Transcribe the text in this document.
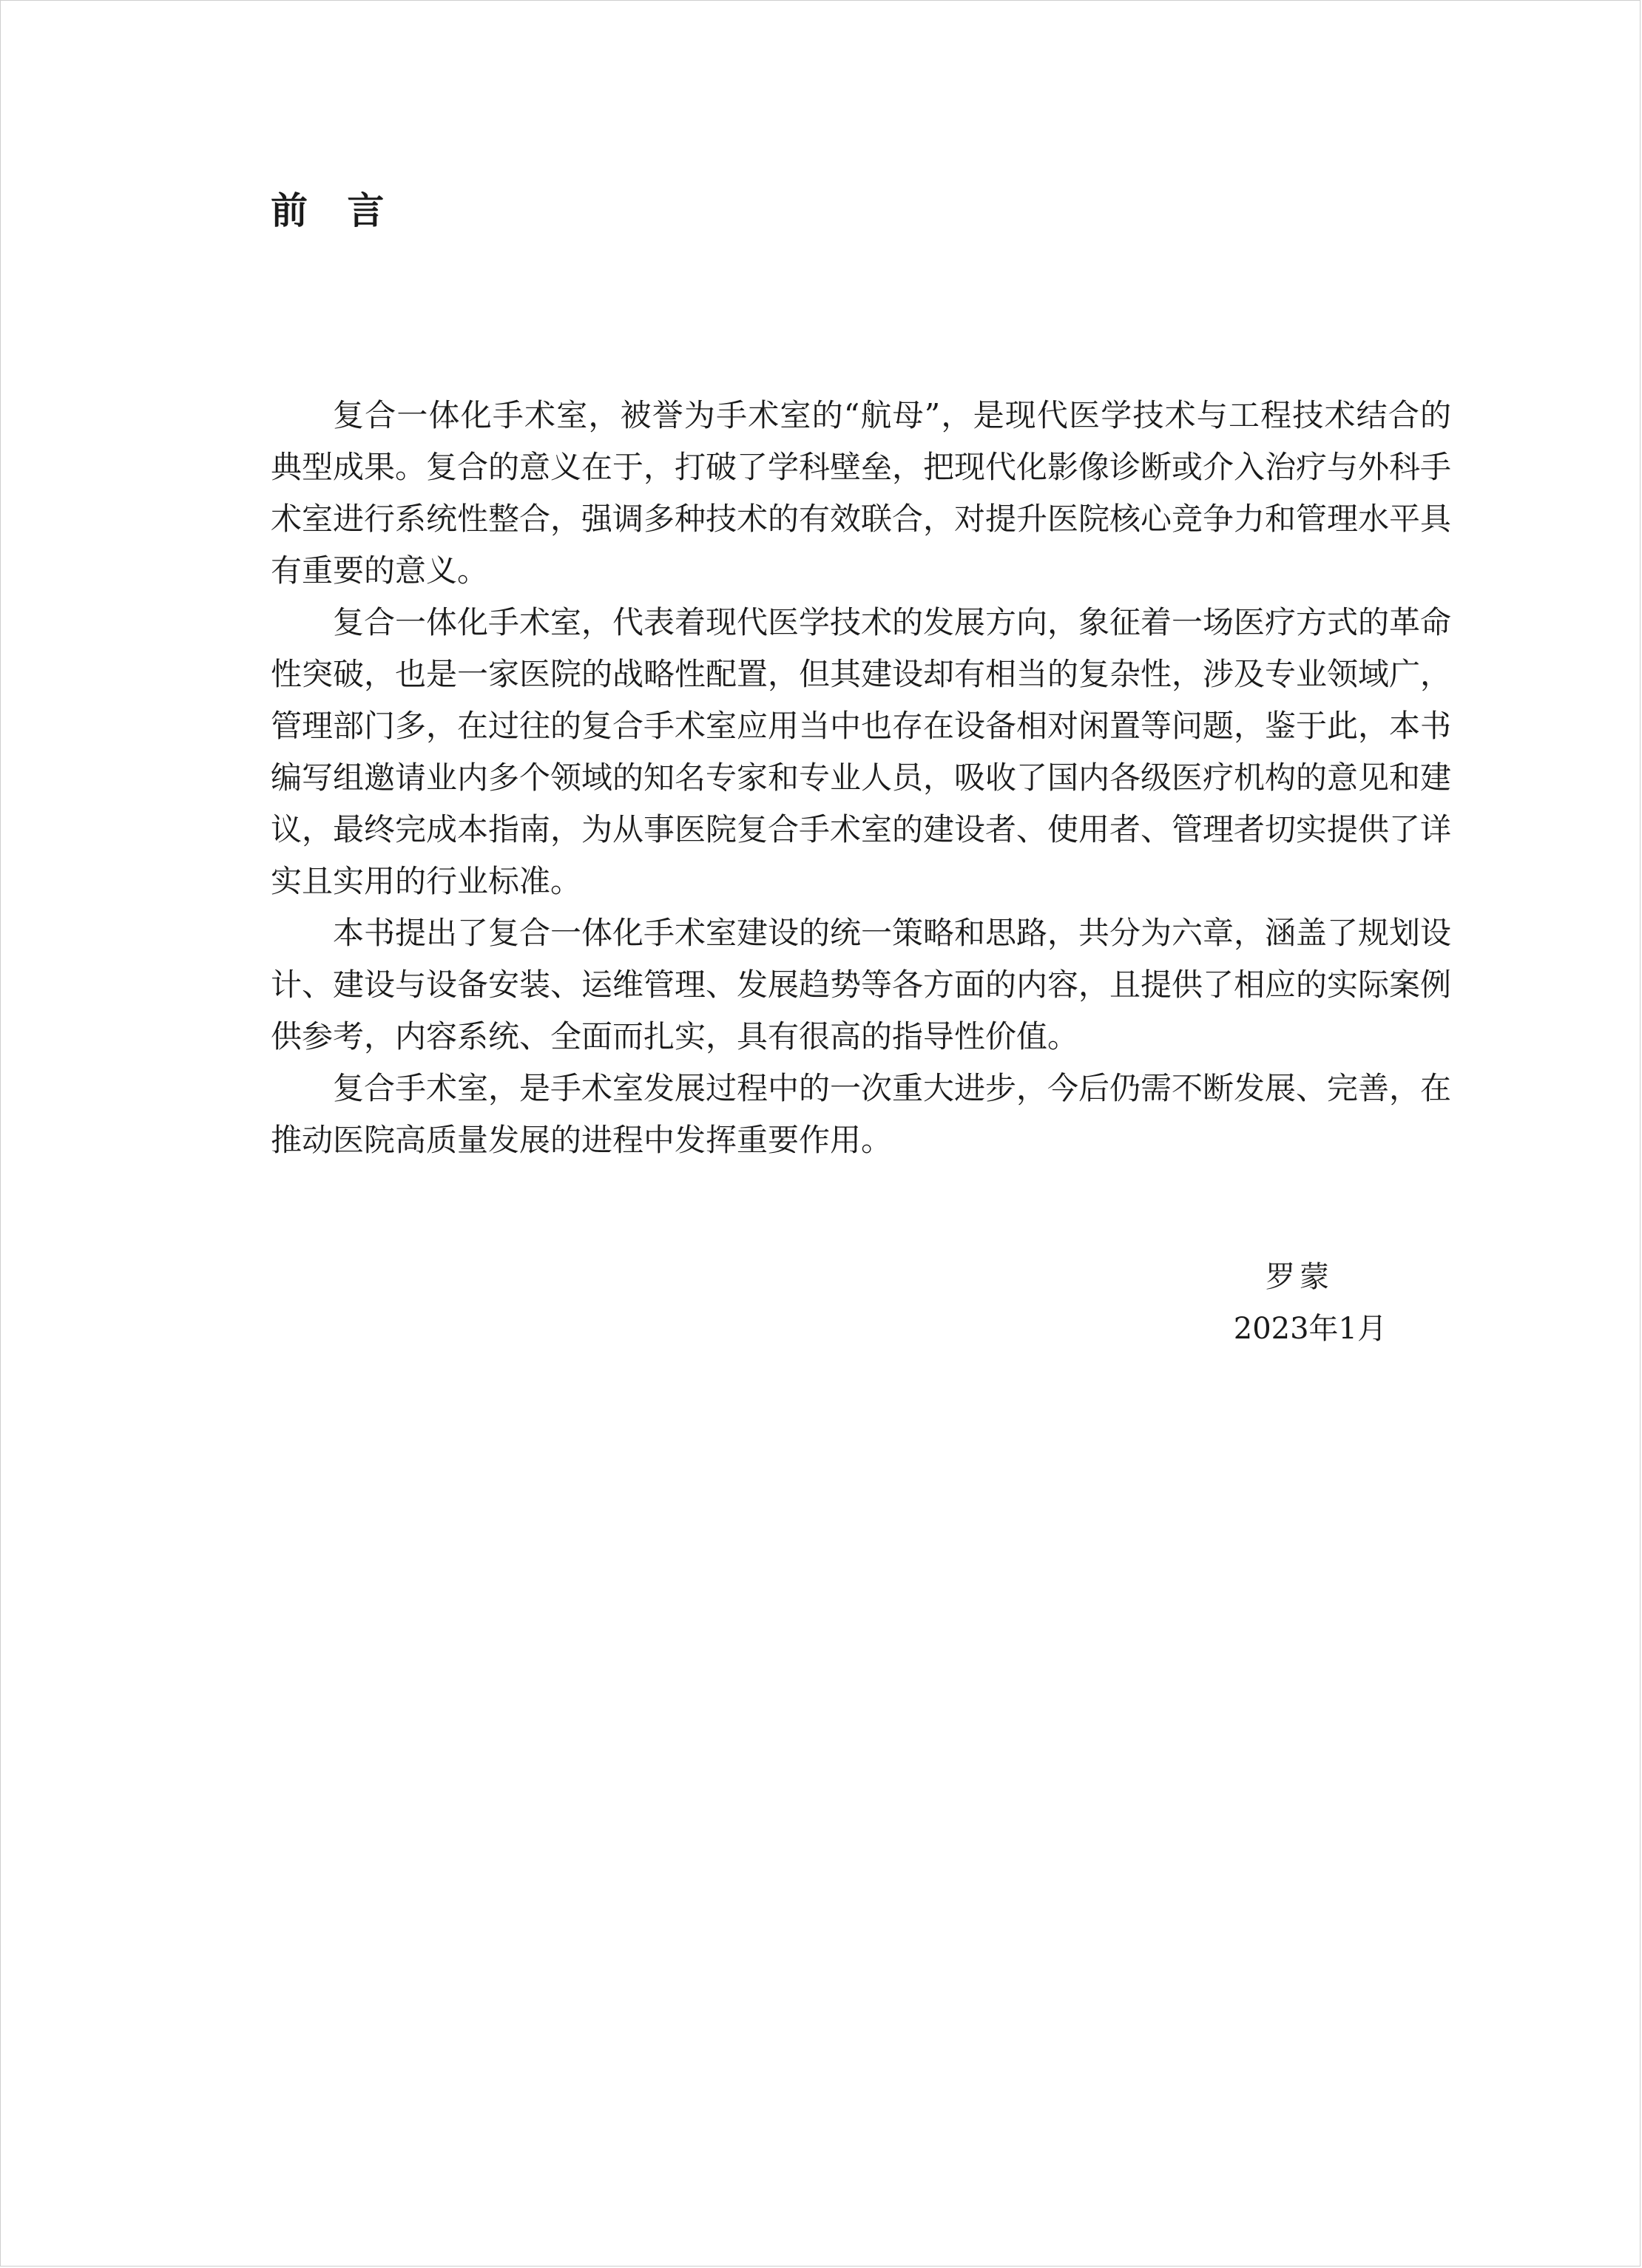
前 言

复合一体化手术室，被誉为手术室的“航母”，是现代医学技术与工程技术结合的典型成果。复合的意义在于，打破了学科壁垒，把现代化影像诊断或介入治疗与外科手术室进行系统性整合，强调多种技术的有效联合，对提升医院核心竞争力和管理水平具有重要的意义。

复合一体化手术室，代表着现代医学技术的发展方向，象征着一场医疗方式的革命性突破，也是一家医院的战略性配置，但其建设却有相当的复杂性，涉及专业领域广，管理部门多，在过往的复合手术室应用当中也存在设备相对闲置等问题，鉴于此，本书编写组邀请业内多个领域的知名专家和专业人员，吸收了国内各级医疗机构的意见和建议，最终完成本指南，为从事医院复合手术室的建设者、使用者、管理者切实提供了详实且实用的行业标准。

本书提出了复合一体化手术室建设的统一策略和思路，共分为六章，涵盖了规划设计、建设与设备安装、运维管理、发展趋势等各方面的内容，且提供了相应的实际案例供参考，内容系统、全面而扎实，具有很高的指导性价值。

复合手术室，是手术室发展过程中的一次重大进步，今后仍需不断发展、完善，在推动医院高质量发展的进程中发挥重要作用。

罗蒙
2023年1月
